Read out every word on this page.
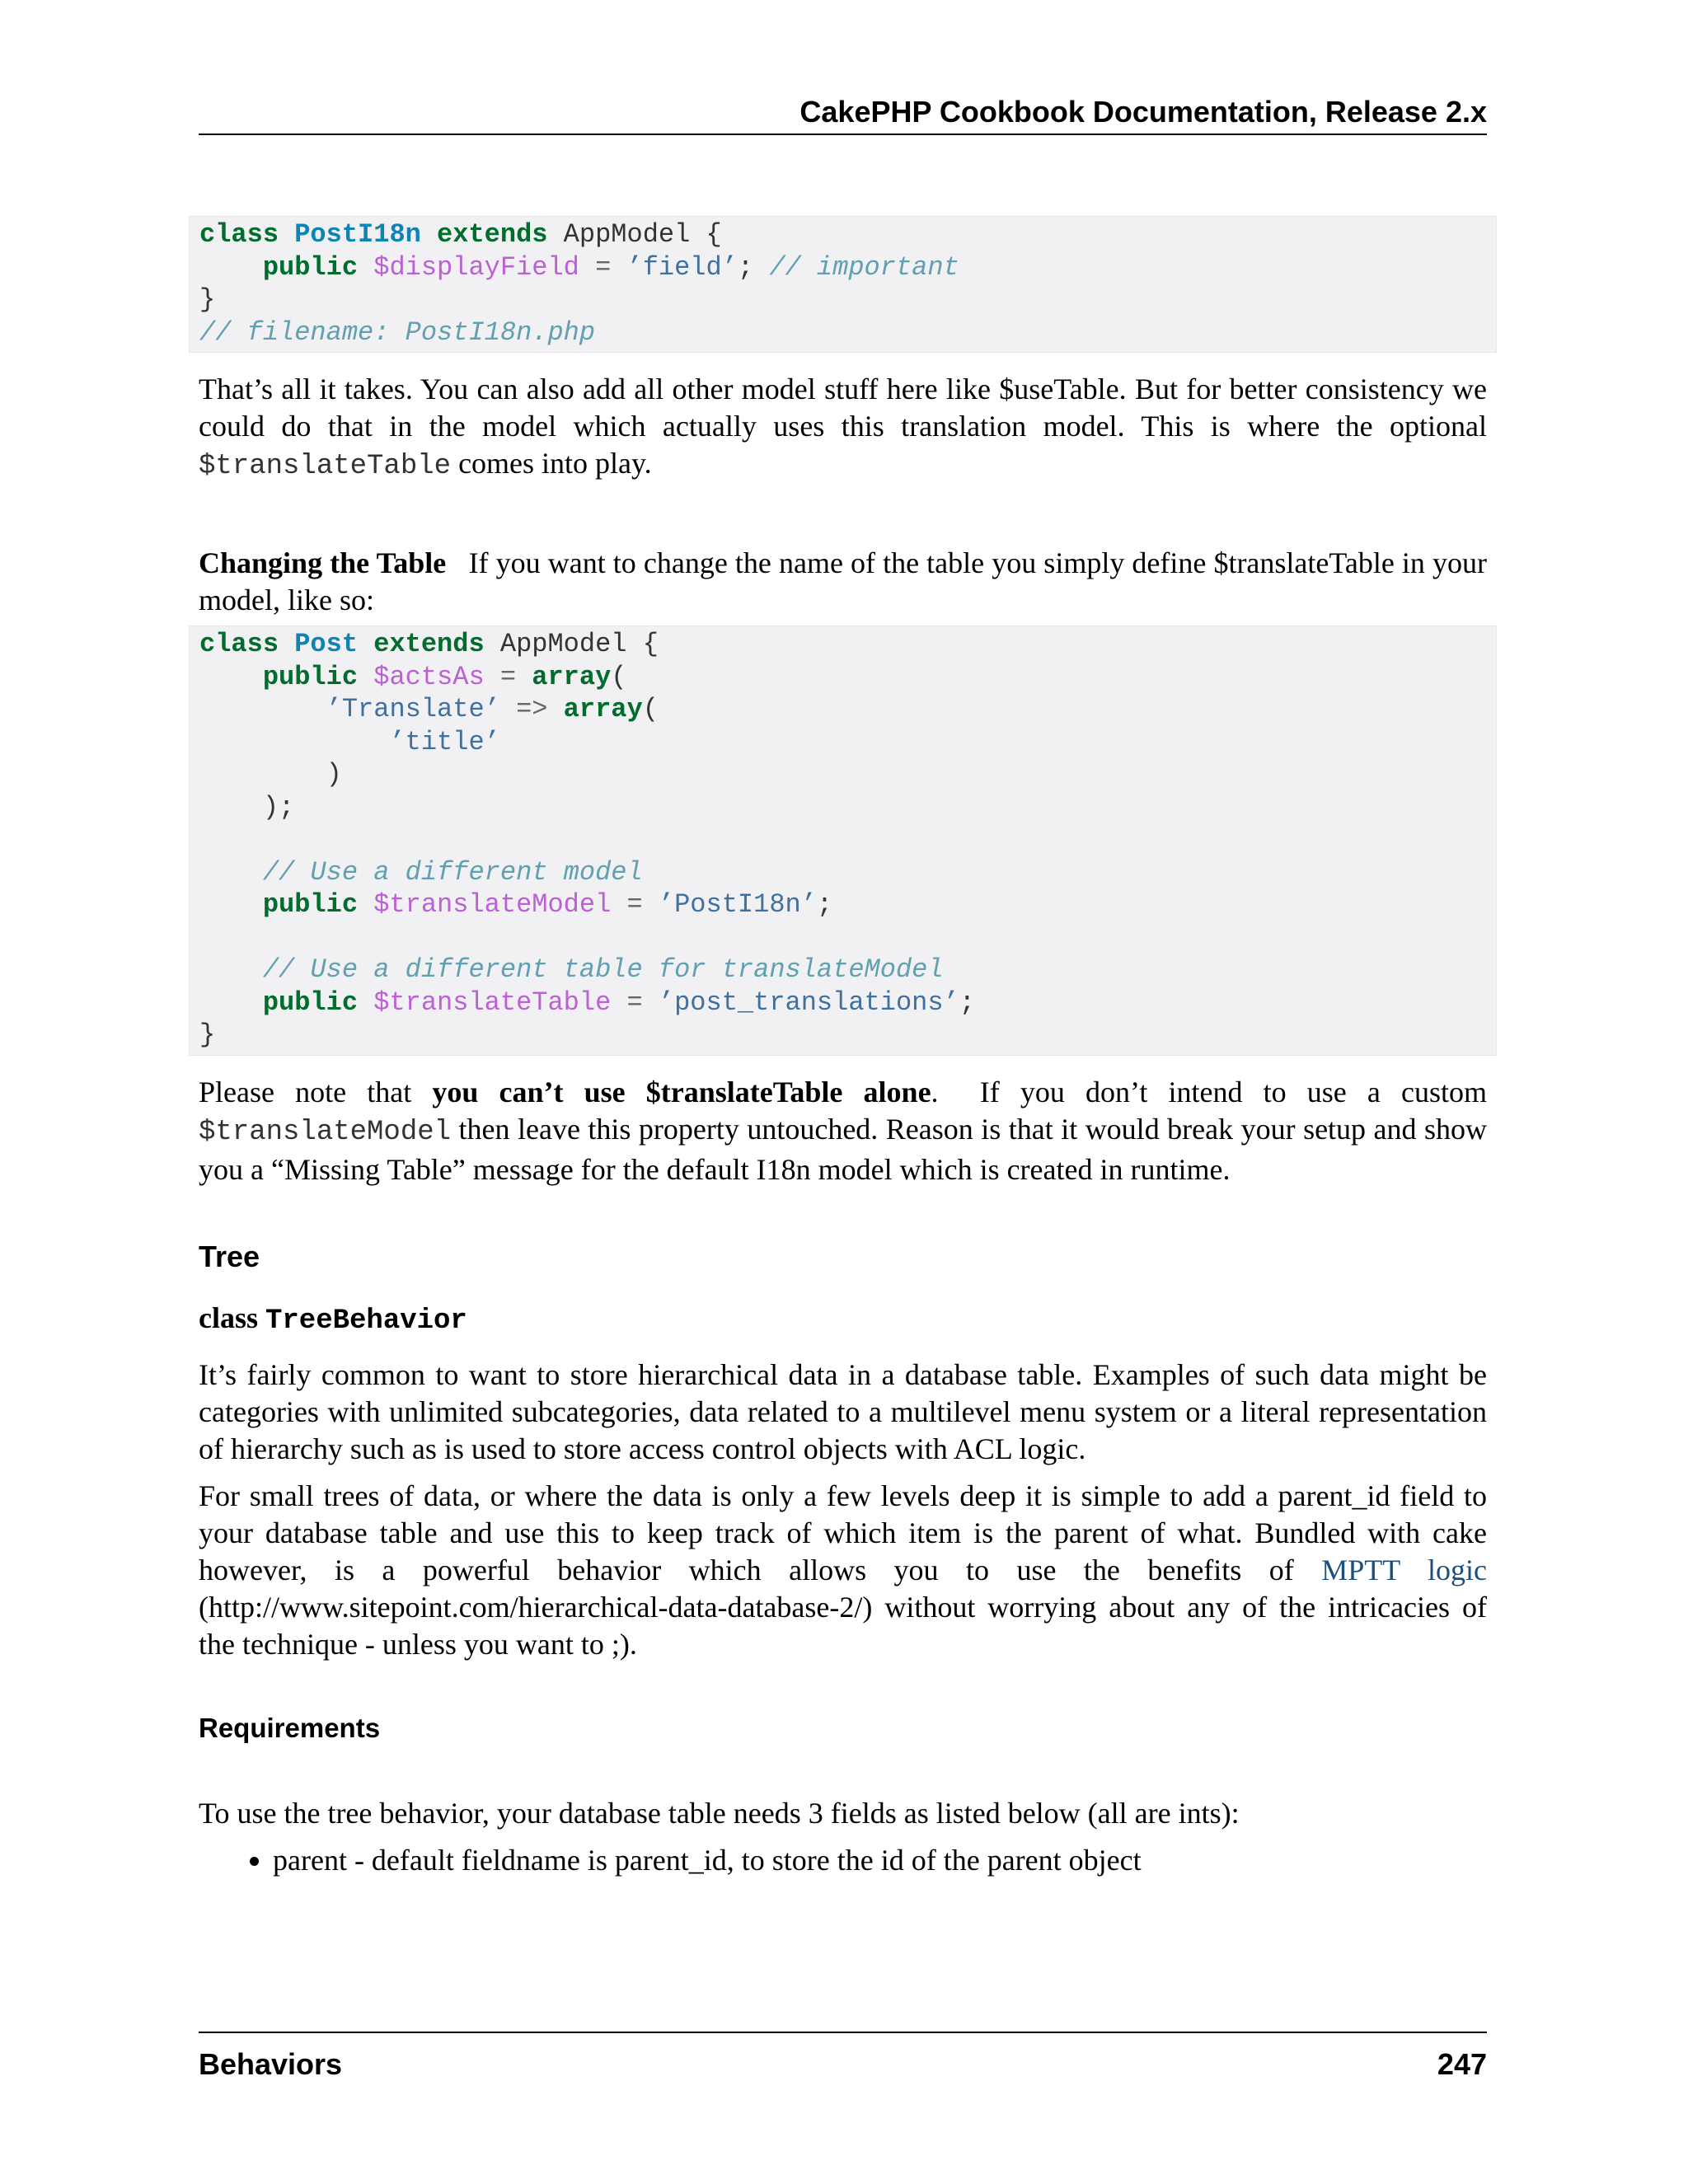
CakePHP Cookbook Documentation, Release 2.x
class PostI18n extends AppModel {
public $displayField = ’field’; // important
}
// filename: PostI18n.php

That’s all it takes. You can also add all other model stuff here like $useTable. But for better consistency we could do that in the model which actually uses this translation model. This is where the optional $translateTable comes into play.

Changing the Table   If you want to change the name of the table you simply define $translateTable in your model, like so:

class Post extends AppModel {
public $actsAs = array(
’Translate’ => array(
’title’
)
);

// Use a different model
public $translateModel = ’PostI18n’;

// Use a different table for translateModel
public $translateTable = ’post_translations’;
}

Please note that you can’t use $translateTable alone.  If you don’t intend to use a custom $translateModel then leave this property untouched. Reason is that it would break your setup and show you a “Missing Table” message for the default I18n model which is created in runtime.

Tree
class TreeBehavior

It’s fairly common to want to store hierarchical data in a database table. Examples of such data might be categories with unlimited subcategories, data related to a multilevel menu system or a literal representation of hierarchy such as is used to store access control objects with ACL logic.

For small trees of data, or where the data is only a few levels deep it is simple to add a parent_id field to your database table and use this to keep track of which item is the parent of what. Bundled with cake however, is a powerful behavior which allows you to use the benefits of MPTT logic (http://www.sitepoint.com/hierarchical-data-database-2/) without worrying about any of the intricacies of the technique - unless you want to ;).

Requirements

To use the tree behavior, your database table needs 3 fields as listed below (all are ints):

• parent - default fieldname is parent_id, to store the id of the parent object
Behaviors	247
